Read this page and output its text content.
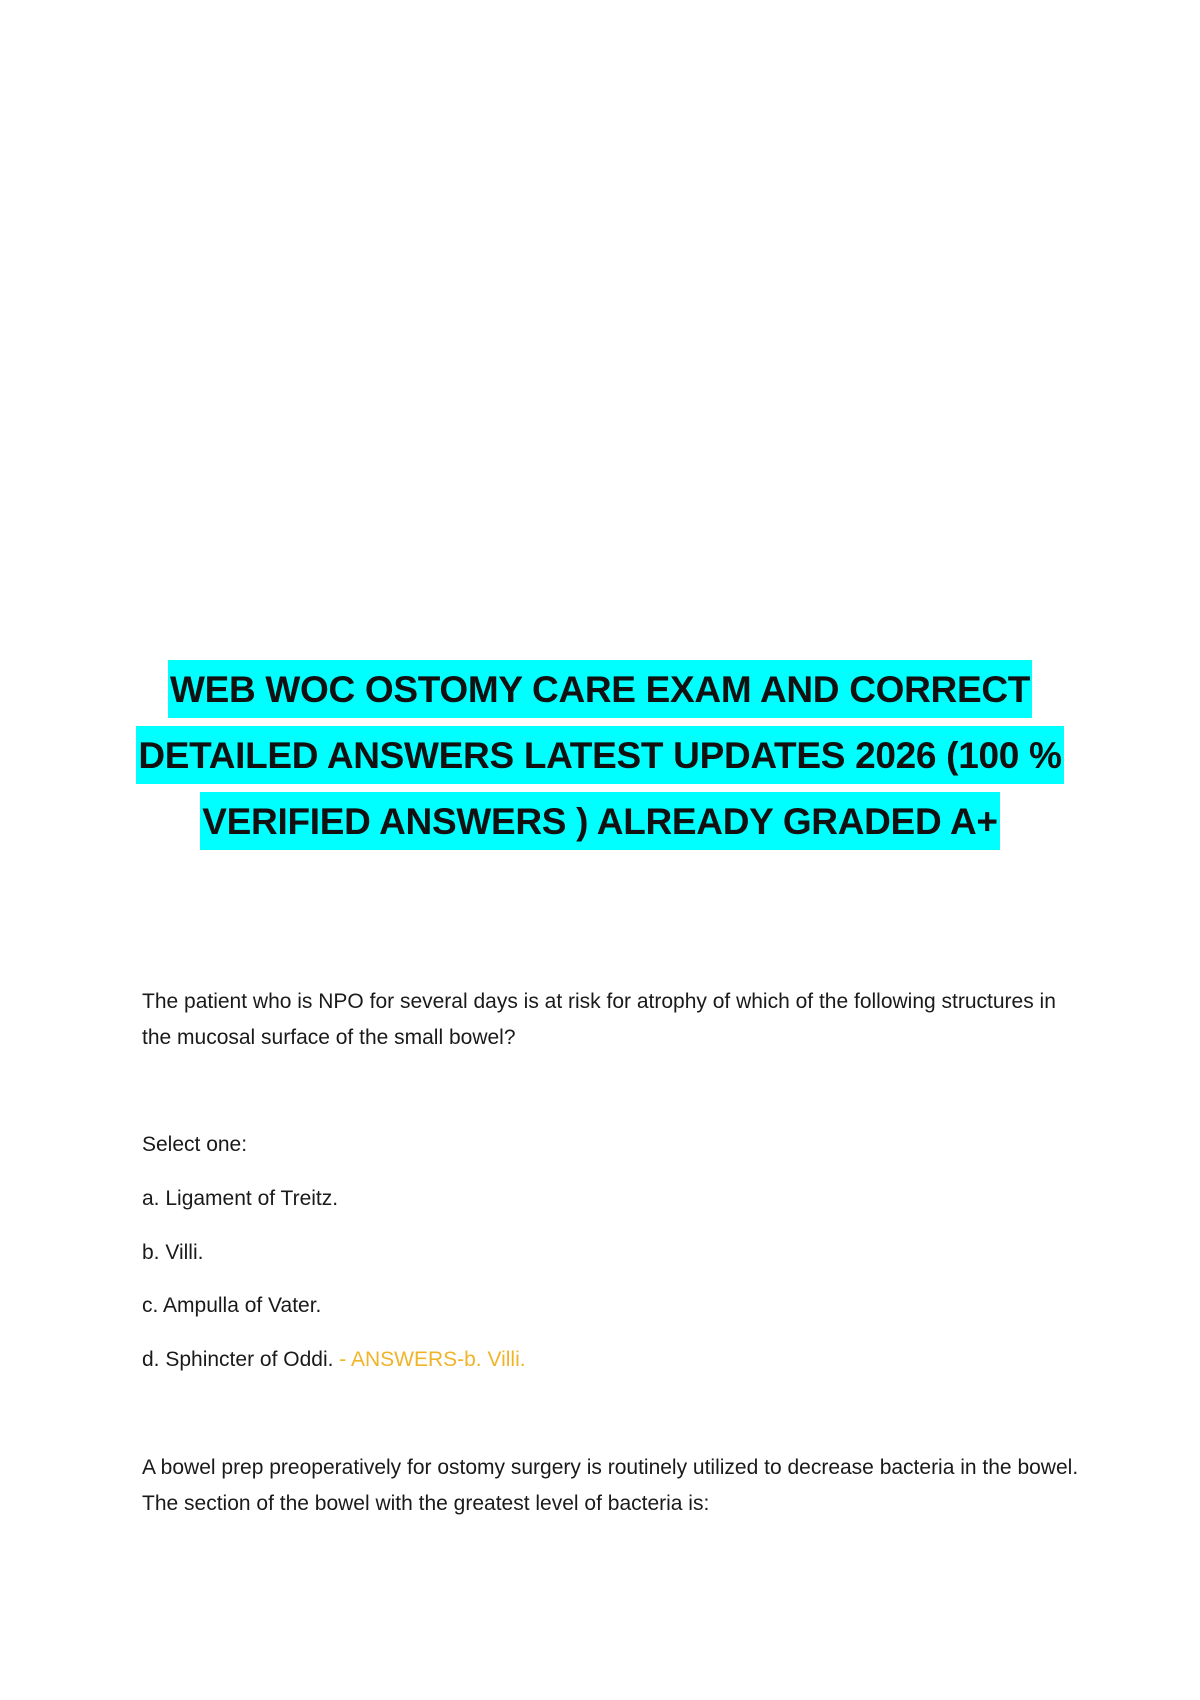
WEB WOC OSTOMY CARE EXAM AND CORRECT
DETAILED ANSWERS LATEST UPDATES 2026 (100 %
VERIFIED ANSWERS ) ALREADY GRADED A+

The patient who is NPO for several days is at risk for atrophy of which of the following structures in the mucosal surface of the small bowel?

Select one:

a. Ligament of Treitz.

b. Villi.

c. Ampulla of Vater.

d. Sphincter of Oddi. - ANSWERS-b. Villi.

A bowel prep preoperatively for ostomy surgery is routinely utilized to decrease bacteria in the bowel. The section of the bowel with the greatest level of bacteria is:
